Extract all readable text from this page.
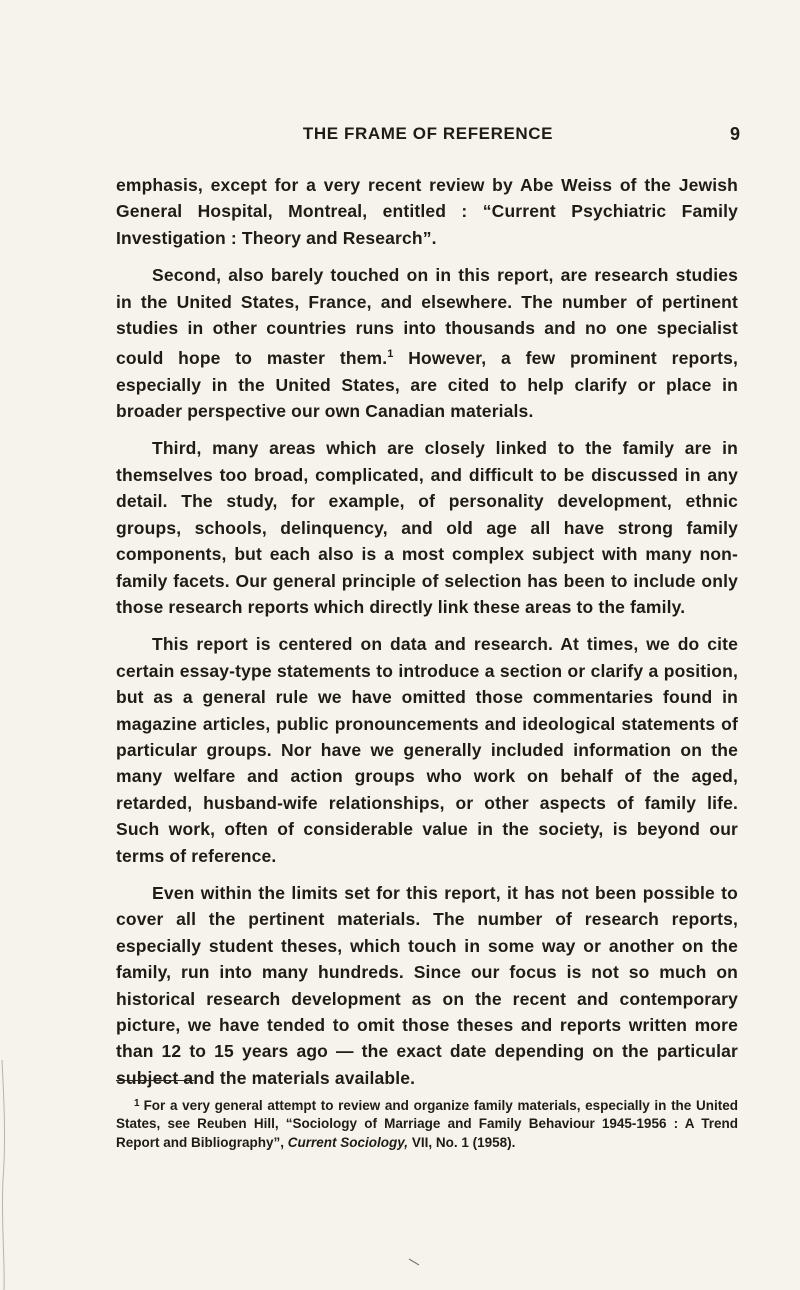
THE FRAME OF REFERENCE	9

emphasis, except for a very recent review by Abe Weiss of the Jewish General Hospital, Montreal, entitled : “Current Psychiatric Family Investigation : Theory and Research”.

Second, also barely touched on in this report, are research studies in the United States, France, and elsewhere. The number of pertinent studies in other countries runs into thousands and no one specialist could hope to master them.$^1$ However, a few prominent reports, especially in the United States, are cited to help clarify or place in broader perspective our own Canadian materials.

Third, many areas which are closely linked to the family are in themselves too broad, complicated, and difficult to be discussed in any detail. The study, for example, of personality development, ethnic groups, schools, delinquency, and old age all have strong family components, but each also is a most complex subject with many non-family facets. Our general principle of selection has been to include only those research reports which directly link these areas to the family.

This report is centered on data and research. At times, we do cite certain essay-type statements to introduce a section or clarify a position, but as a general rule we have omitted those commentaries found in magazine articles, public pronouncements and ideological statements of particular groups. Nor have we generally included information on the many welfare and action groups who work on behalf of the aged, retarded, husband-wife relationships, or other aspects of family life. Such work, often of considerable value in the society, is beyond our terms of reference.

Even within the limits set for this report, it has not been possible to cover all the pertinent materials. The number of research reports, especially student theses, which touch in some way or another on the family, run into many hundreds. Since our focus is not so much on historical research development as on the recent and contemporary picture, we have tended to omit those theses and reports written more than 12 to 15 years ago — the exact date depending on the particular subject and the materials available.

$^1$ For a very general attempt to review and organize family materials, especially in the United States, see Reuben Hill, “Sociology of Marriage and Family Behaviour 1945-1956 : A Trend Report and Bibliography”, Current Sociology, VII, No. 1 (1958).
